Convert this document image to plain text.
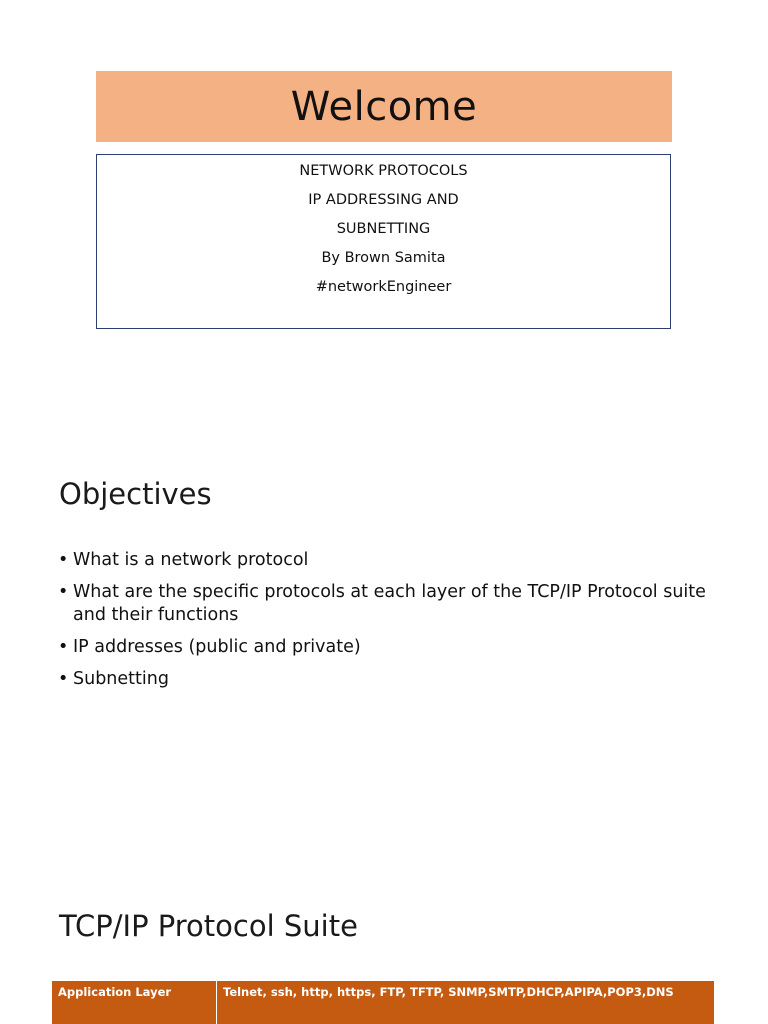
Welcome
NETWORK PROTOCOLS
IP ADDRESSING AND
SUBNETTING
By Brown Samita
#networkEngineer
Objectives
• What is a network protocol
• What are the specific protocols at each layer of the TCP/IP Protocol suite and their functions
• IP addresses (public and private)
• Subnetting
TCP/IP Protocol Suite
Application Layer	Telnet, ssh, http, https, FTP, TFTP, SNMP,SMTP,DHCP,APIPA,POP3,DNS
